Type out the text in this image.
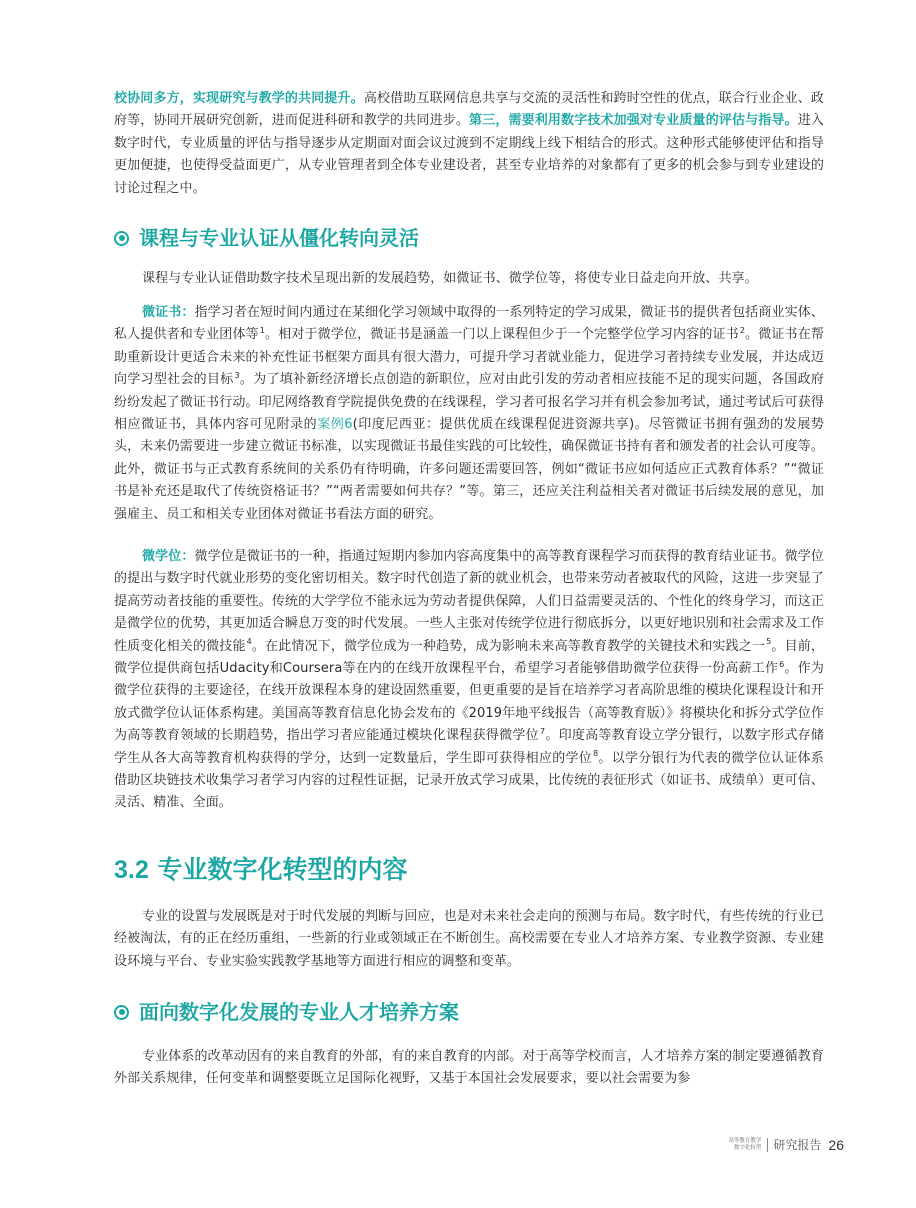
校协同多方，实现研究与教学的共同提升。高校借助互联网信息共享与交流的灵活性和跨时空性的优点，联合行业企业、政府等，协同开展研究创新，进而促进科研和教学的共同进步。第三，需要利用数字技术加强对专业质量的评估与指导。进入数字时代，专业质量的评估与指导逐步从定期面对面会议过渡到不定期线上线下相结合的形式。这种形式能够使评估和指导更加便捷，也使得受益面更广，从专业管理者到全体专业建设者，甚至专业培养的对象都有了更多的机会参与到专业建设的讨论过程之中。

课程与专业认证从僵化转向灵活

课程与专业认证借助数字技术呈现出新的发展趋势，如微证书、微学位等，将使专业日益走向开放、共享。

微证书：指学习者在短时间内通过在某细化学习领域中取得的一系列特定的学习成果，微证书的提供者包括商业实体、私人提供者和专业团体等$^1$。相对于微学位，微证书是涵盖一门以上课程但少于一个完整学位学习内容的证书$^2$。微证书在帮助重新设计更适合未来的补充性证书框架方面具有很大潜力，可提升学习者就业能力，促进学习者持续专业发展，并达成迈向学习型社会的目标$^3$。为了填补新经济增长点创造的新职位，应对由此引发的劳动者相应技能不足的现实问题，各国政府纷纷发起了微证书行动。印尼网络教育学院提供免费的在线课程，学习者可报名学习并有机会参加考试，通过考试后可获得相应微证书，具体内容可见附录的案例6(印度尼西亚：提供优质在线课程促进资源共享)。尽管微证书拥有强劲的发展势头，未来仍需要进一步建立微证书标准，以实现微证书最佳实践的可比较性，确保微证书持有者和颁发者的社会认可度等。此外，微证书与正式教育系统间的关系仍有待明确，许多问题还需要回答，例如“微证书应如何适应正式教育体系？”“微证书是补充还是取代了传统资格证书？”“两者需要如何共存？”等。第三，还应关注利益相关者对微证书后续发展的意见，加强雇主、员工和相关专业团体对微证书看法方面的研究。

微学位：微学位是微证书的一种，指通过短期内参加内容高度集中的高等教育课程学习而获得的教育结业证书。微学位的提出与数字时代就业形势的变化密切相关。数字时代创造了新的就业机会，也带来劳动者被取代的风险，这进一步突显了提高劳动者技能的重要性。传统的大学学位不能永远为劳动者提供保障，人们日益需要灵活的、个性化的终身学习，而这正是微学位的优势，其更加适合瞬息万变的时代发展。一些人主张对传统学位进行彻底拆分，以更好地识别和社会需求及工作性质变化相关的微技能$^4$。在此情况下，微学位成为一种趋势，成为影响未来高等教育教学的关键技术和实践之一$^5$。目前，微学位提供商包括Udacity和Coursera等在内的在线开放课程平台，希望学习者能够借助微学位获得一份高薪工作$^6$。作为微学位获得的主要途径，在线开放课程本身的建设固然重要，但更重要的是旨在培养学习者高阶思维的模块化课程设计和开放式微学位认证体系构建。美国高等教育信息化协会发布的《2019年地平线报告（高等教育版）》将模块化和拆分式学位作为高等教育领域的长期趋势，指出学习者应能通过模块化课程获得微学位$^7$。印度高等教育设立学分银行，以数字形式存储学生从各大高等教育机构获得的学分，达到一定数量后，学生即可获得相应的学位$^8$。以学分银行为代表的微学位认证体系借助区块链技术收集学习者学习内容的过程性证据，记录开放式学习成果，比传统的表征形式（如证书、成绩单）更可信、灵活、精准、全面。

3.2 专业数字化转型的内容

专业的设置与发展既是对于时代发展的判断与回应，也是对未来社会走向的预测与布局。数字时代，有些传统的行业已经被淘汰，有的正在经历重组，一些新的行业或领域正在不断创生。高校需要在专业人才培养方案、专业教学资源、专业建设环境与平台、专业实验实践教学基地等方面进行相应的调整和变革。

面向数字化发展的专业人才培养方案

专业体系的改革动因有的来自教育的外部，有的来自教育的内部。对于高等学校而言，人才培养方案的制定要遵循教育外部关系规律，任何变革和调整要既立足国际化视野，又基于本国社会发展要求，要以社会需要为参

高等教育教学
数字化转型 研究报告 26
